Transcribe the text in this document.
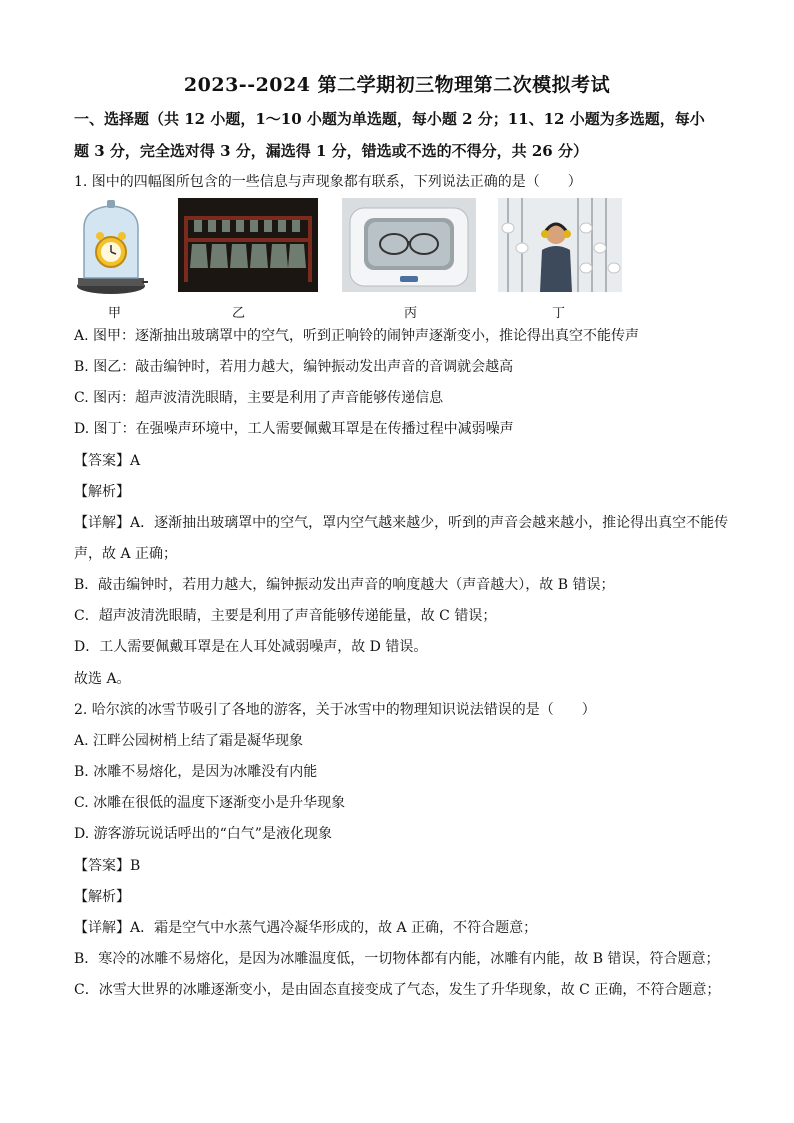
2023--2024 第二学期初三物理第二次模拟考试
一、选择题（共 12 小题，1～10 小题为单选题，每小题 2 分；11、12 小题为多选题，每小
题 3 分，完全选对得 3 分，漏选得 1 分，错选或不选的不得分，共 26 分）
1. 图中的四幅图所包含的一些信息与声现象都有联系，下列说法正确的是（　　）
甲	乙	丙	丁
A. 图甲：逐渐抽出玻璃罩中的空气，听到正响铃的闹钟声逐渐变小，推论得出真空不能传声
B. 图乙：敲击编钟时，若用力越大，编钟振动发出声音的音调就会越高
C. 图丙：超声波清洗眼睛，主要是利用了声音能够传递信息
D. 图丁：在强噪声环境中，工人需要佩戴耳罩是在传播过程中减弱噪声
【答案】A
【解析】
【详解】A．逐渐抽出玻璃罩中的空气，罩内空气越来越少，听到的声音会越来越小，推论得出真空不能传
声，故 A 正确；
B．敲击编钟时，若用力越大，编钟振动发出声音的响度越大（声音越大），故 B 错误；
C．超声波清洗眼睛，主要是利用了声音能够传递能量，故 C 错误；
D．工人需要佩戴耳罩是在人耳处减弱噪声，故 D 错误。
故选 A。
2. 哈尔滨的冰雪节吸引了各地的游客，关于冰雪中的物理知识说法错误的是（　　）
A. 江畔公园树梢上结了霜是凝华现象
B. 冰雕不易熔化，是因为冰雕没有内能
C. 冰雕在很低的温度下逐渐变小是升华现象
D. 游客游玩说话呼出的“白气”是液化现象
【答案】B
【解析】
【详解】A．霜是空气中水蒸气遇冷凝华形成的，故 A 正确，不符合题意；
B．寒冷的冰雕不易熔化，是因为冰雕温度低，一切物体都有内能，冰雕有内能，故 B 错误，符合题意；
C．冰雪大世界的冰雕逐渐变小，是由固态直接变成了气态，发生了升华现象，故 C 正确，不符合题意；
